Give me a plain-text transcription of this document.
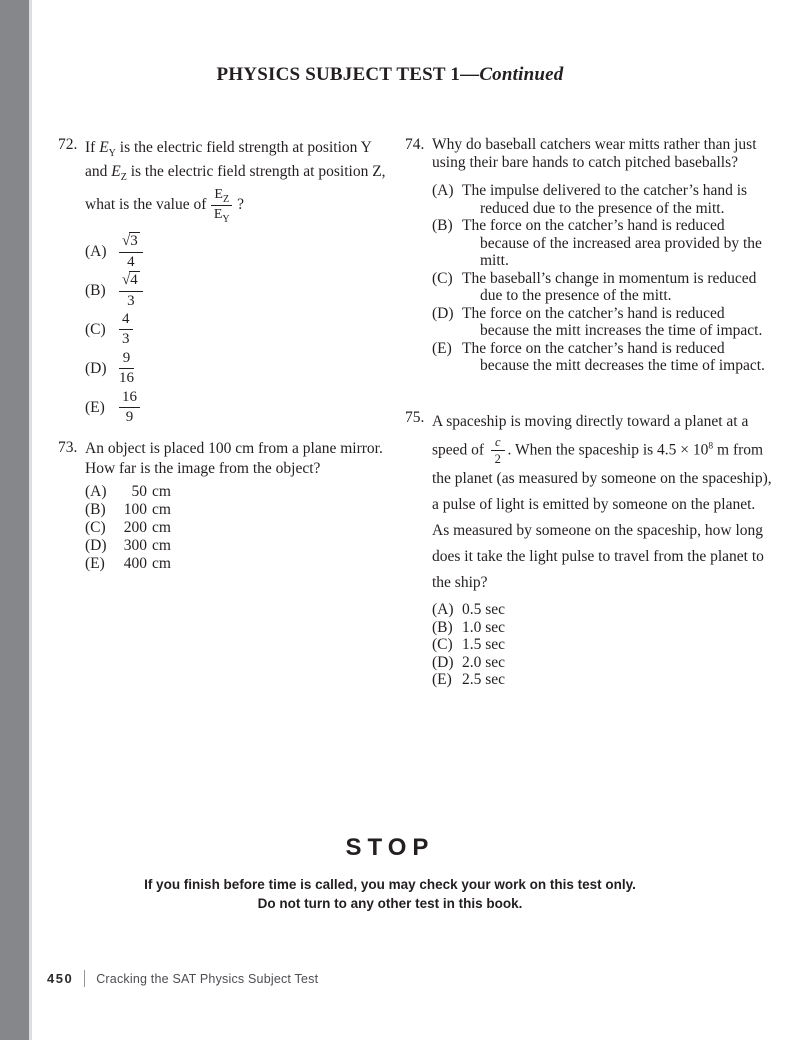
PHYSICS SUBJECT TEST 1—Continued
72. If $E_Y$ is the electric field strength at position Y
and $E_Z$ is the electric field strength at position Z,
what is the value of $\frac{E_Z}{E_Y}$ ?
$(A) \frac{√3}{4}$
$(B) \frac{√4}{3}$
$(C) \frac{4}{3}$
$(D) \frac{9}{16}$
$(E) \frac{16}{9}$
73. An object is placed 100 cm from a plane mirror. How far is the image from the object?
(A) 50 cm
(B) 100 cm
(C) 200 cm
(D) 300 cm
(E) 400 cm
74. Why do baseball catchers wear mitts rather than just using their bare hands to catch pitched baseballs?
(A) The impulse delivered to the catcher’s hand is reduced due to the presence of the mitt.
(B) The force on the catcher’s hand is reduced because of the increased area provided by the mitt.
(C) The baseball’s change in momentum is reduced due to the presence of the mitt.
(D) The force on the catcher’s hand is reduced because the mitt increases the time of impact.
(E) The force on the catcher’s hand is reduced because the mitt decreases the time of impact.
75. A spaceship is moving directly toward a planet at a speed of $\frac{c}{2}$ . When the spaceship is $4.5 \times 10^8$ m from the planet (as measured by someone on the spaceship), a pulse of light is emitted by someone on the planet. As measured by someone on the spaceship, how long does it take the light pulse to travel from the planet to the ship?
(A) 0.5 sec
(B) 1.0 sec
(C) 1.5 sec
(D) 2.0 sec
(E) 2.5 sec
STOP
If you finish before time is called, you may check your work on this test only.
Do not turn to any other test in this book.
450 Cracking the SAT Physics Subject Test
